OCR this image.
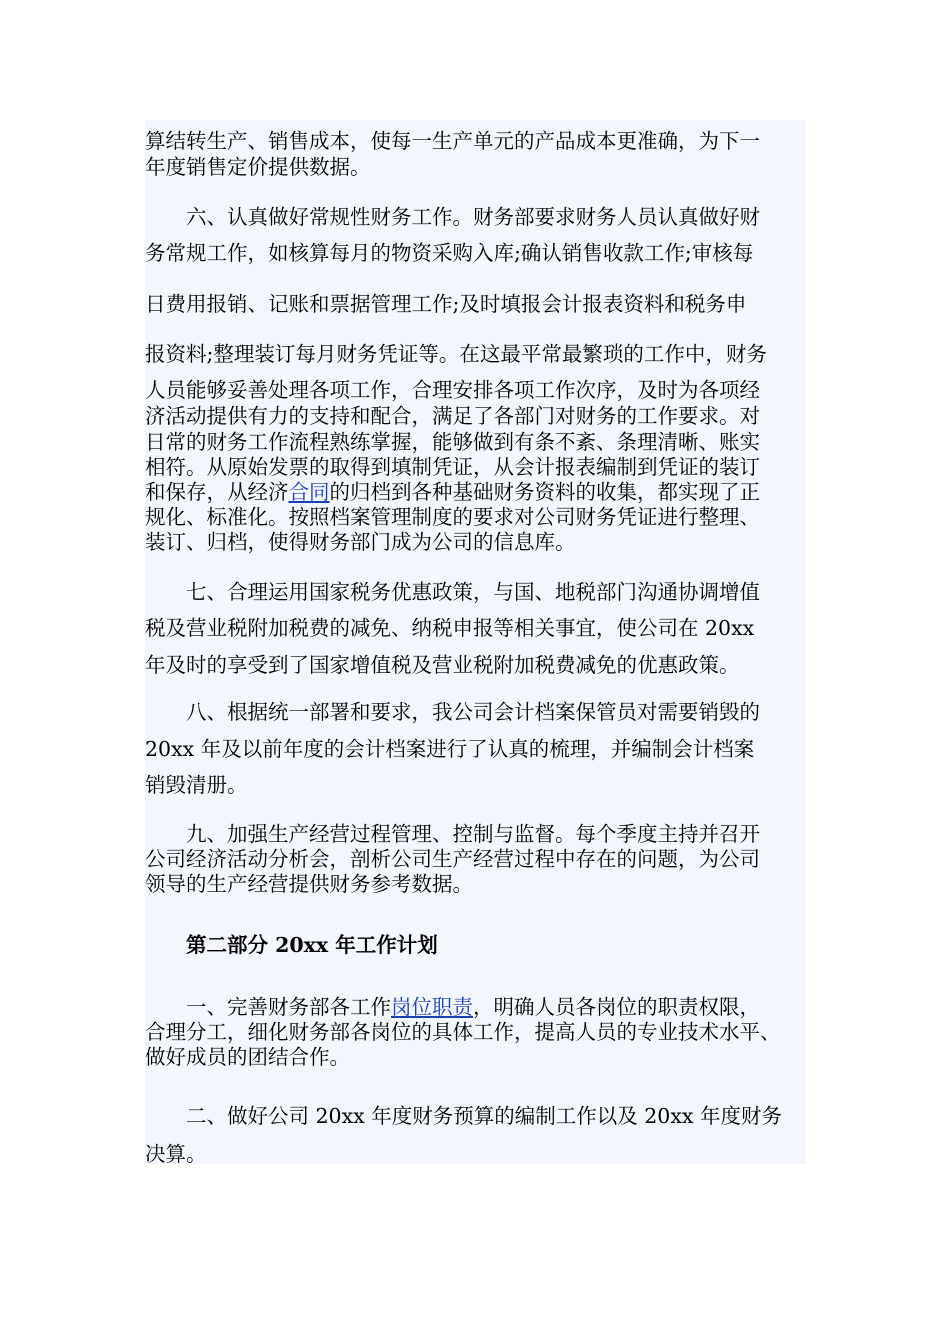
算结转生产、销售成本，使每一生产单元的产品成本更准确，为下一

年度销售定价提供数据。

　　六、认真做好常规性财务工作。财务部要求财务人员认真做好财

务常规工作，如核算每月的物资采购入库;确认销售收款工作;审核每

日费用报销、记账和票据管理工作;及时填报会计报表资料和税务申

报资料;整理装订每月财务凭证等。在这最平常最繁琐的工作中，财务

人员能够妥善处理各项工作，合理安排各项工作次序，及时为各项经

济活动提供有力的支持和配合，满足了各部门对财务的工作要求。对

日常的财务工作流程熟练掌握，能够做到有条不紊、条理清晰、账实

相符。从原始发票的取得到填制凭证，从会计报表编制到凭证的装订

和保存，从经济合同的归档到各种基础财务资料的收集，都实现了正

规化、标准化。按照档案管理制度的要求对公司财务凭证进行整理、

装订、归档，使得财务部门成为公司的信息库。

　　七、合理运用国家税务优惠政策，与国、地税部门沟通协调增值

税及营业税附加税费的减免、纳税申报等相关事宜，使公司在 20xx

年及时的享受到了国家增值税及营业税附加税费减免的优惠政策。

　　八、根据统一部署和要求，我公司会计档案保管员对需要销毁的

20xx 年及以前年度的会计档案进行了认真的梳理，并编制会计档案

销毁清册。

　　九、加强生产经营过程管理、控制与监督。每个季度主持并召开

公司经济活动分析会，剖析公司生产经营过程中存在的问题，为公司

领导的生产经营提供财务参考数据。

　　第二部分 20xx 年工作计划

　　一、完善财务部各工作岗位职责，明确人员各岗位的职责权限，

合理分工，细化财务部各岗位的具体工作，提高人员的专业技术水平、

做好成员的团结合作。

　　二、做好公司 20xx 年度财务预算的编制工作以及 20xx 年度财务

决算。
